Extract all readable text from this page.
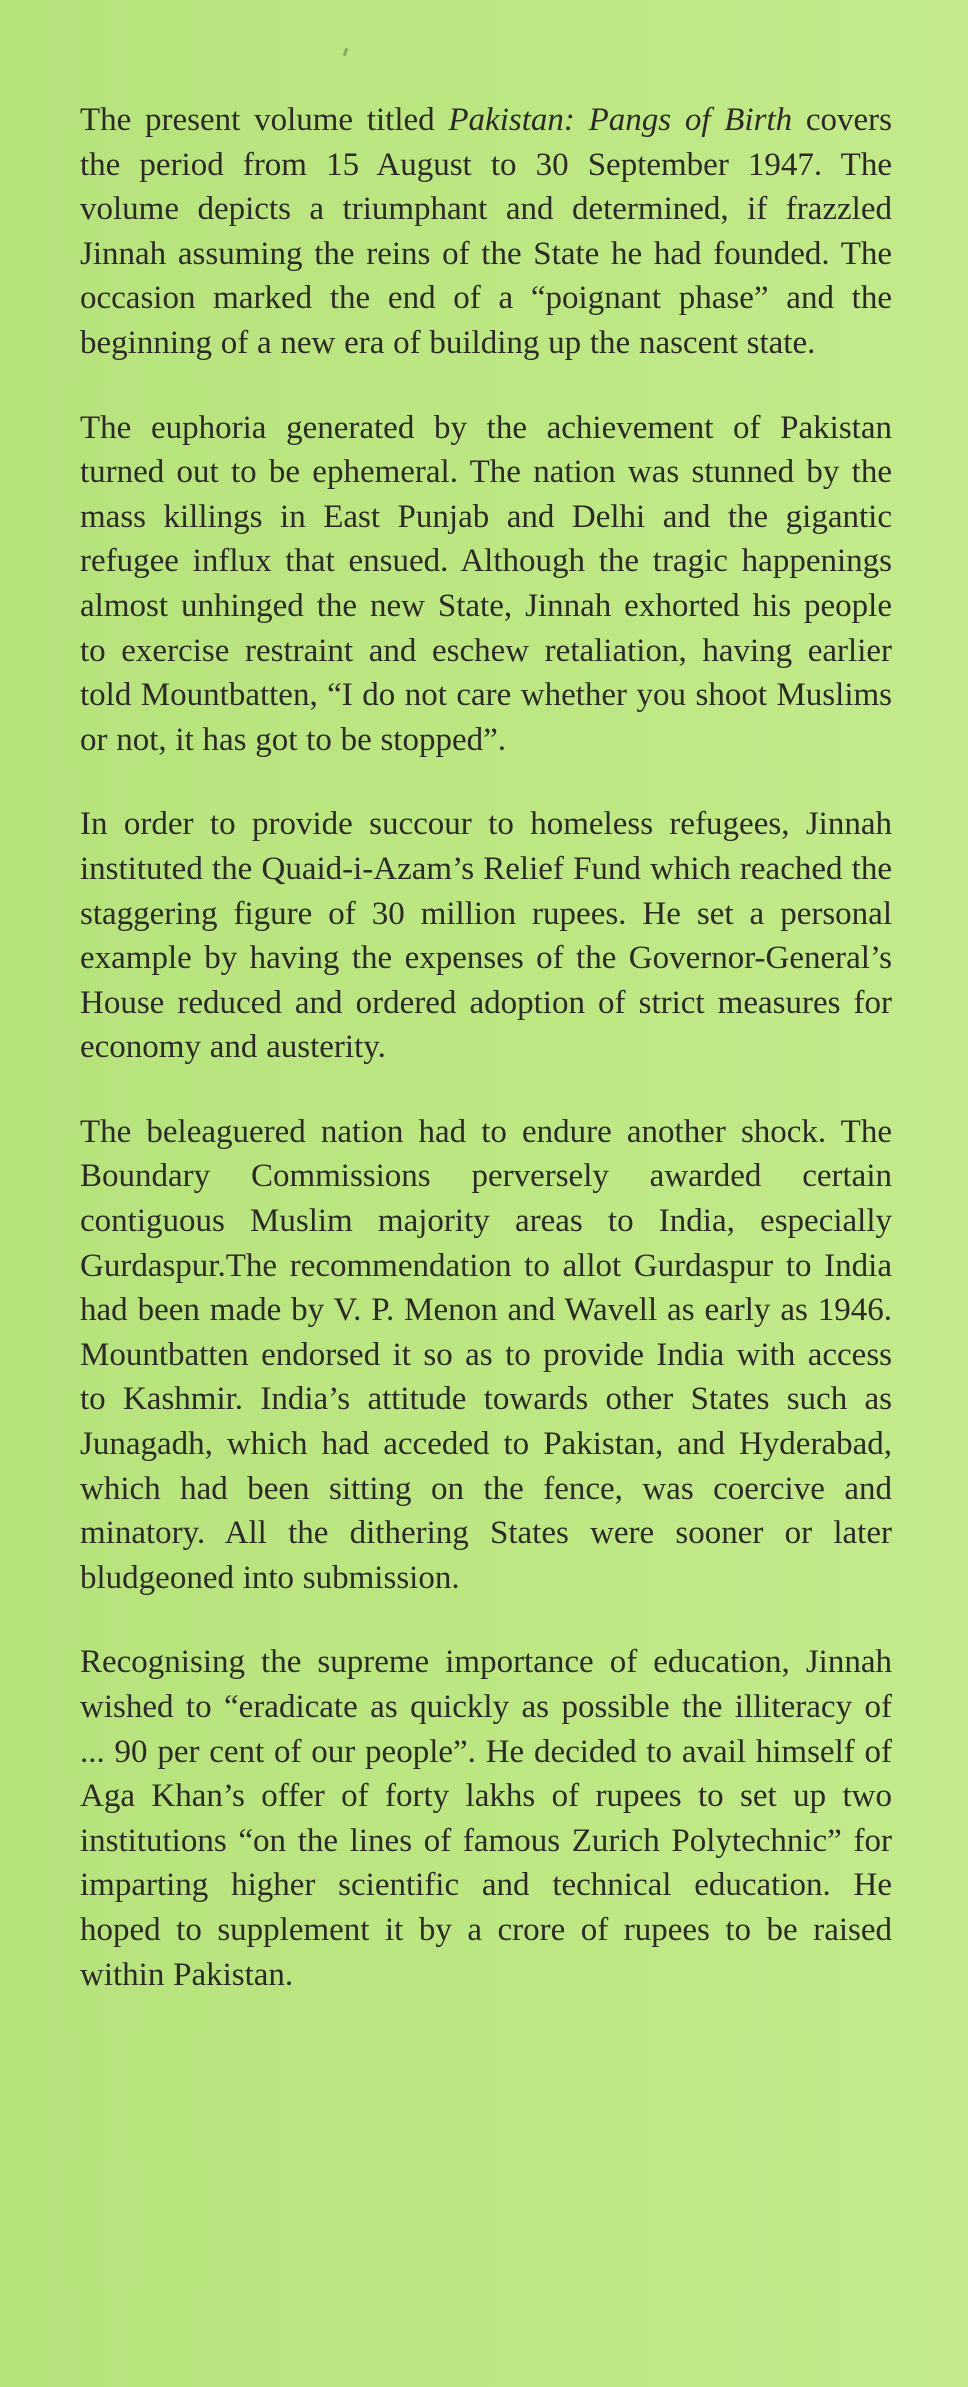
The present volume titled Pakistan: Pangs of Birth covers the period from 15 August to 30 September 1947. The volume depicts a triumphant and determined, if frazzled Jinnah assuming the reins of the State he had founded. The occasion marked the end of a “poignant phase” and the beginning of a new era of building up the nascent state.

The euphoria generated by the achievement of Pakistan turned out to be ephemeral. The nation was stunned by the mass killings in East Punjab and Delhi and the gigantic refugee influx that ensued. Although the tragic happenings almost unhinged the new State, Jinnah exhorted his people to exercise restraint and eschew retaliation, having earlier told Mountbatten, “I do not care whether you shoot Muslims or not, it has got to be stopped”.

In order to provide succour to homeless refugees, Jinnah instituted the Quaid-i-Azam’s Relief Fund which reached the staggering figure of 30 million rupees. He set a personal example by having the expenses of the Governor-General’s House reduced and ordered adoption of strict measures for economy and austerity.

The beleaguered nation had to endure another shock. The Boundary Commissions perversely awarded certain contiguous Muslim majority areas to India, especially Gurdaspur.The recommendation to allot Gurdaspur to India had been made by V. P. Menon and Wavell as early as 1946. Mountbatten endorsed it so as to provide India with access to Kashmir. India’s attitude towards other States such as Junagadh, which had acceded to Pakistan, and Hyderabad, which had been sitting on the fence, was coercive and minatory. All the dithering States were sooner or later bludgeoned into submission.

Recognising the supreme importance of education, Jinnah wished to “eradicate as quickly as possible the illiteracy of ... 90 per cent of our people”. He decided to avail himself of Aga Khan’s offer of forty lakhs of rupees to set up two institutions “on the lines of famous Zurich Polytechnic” for imparting higher scientific and technical education. He hoped to supplement it by a crore of rupees to be raised within Pakistan.
